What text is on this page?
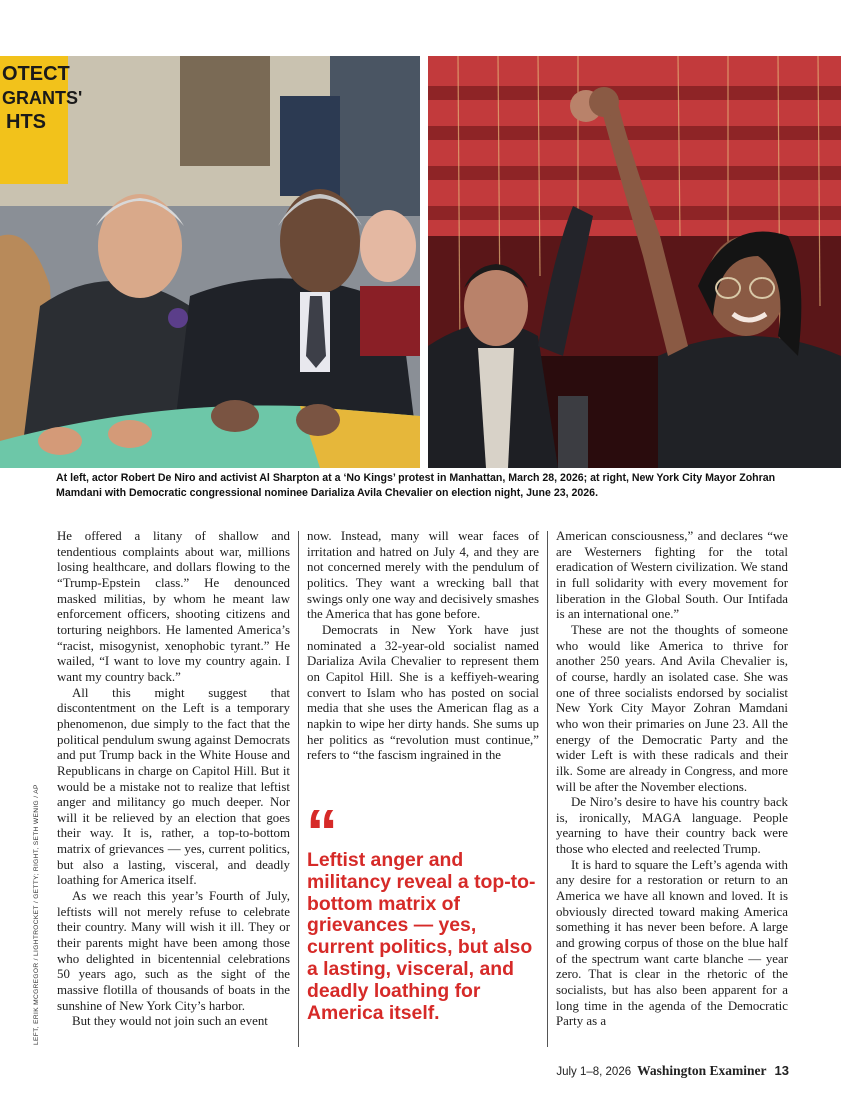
OTECT
GRANTS'
HTS
At left, actor Robert De Niro and activist Al Sharpton at a ‘No Kings’ protest in Manhattan, March 28, 2026; at right, New York City Mayor Zohran Mamdani with Democratic congressional nominee Darializa Avila Chevalier on election night, June 23, 2026.

He offered a litany of shallow and tendentious complaints about war, millions losing healthcare, and dollars flowing to the “Trump-Epstein class.” He denounced masked militias, by whom he meant law enforcement officers, shooting citizens and torturing neighbors. He lamented America’s “racist, misogynist, xenophobic tyrant.” He wailed, “I want to love my country again. I want my country back.”

All this might suggest that discontentment on the Left is a temporary phenomenon, due simply to the fact that the political pendulum swung against Democrats and put Trump back in the White House and Republicans in charge on Capitol Hill. But it would be a mistake not to realize that leftist anger and militancy go much deeper. Nor will it be relieved by an election that goes their way. It is, rather, a top-to-bottom matrix of grievances — yes, current politics, but also a lasting, visceral, and deadly loathing for America itself.

As we reach this year’s Fourth of July, leftists will not merely refuse to celebrate their country. Many will wish it ill. They or their parents might have been among those who delighted in bicentennial celebrations 50 years ago, such as the sight of the massive flotilla of thousands of boats in the sunshine of New York City’s harbor.

But they would not join such an event

now. Instead, many will wear faces of irritation and hatred on July 4, and they are not concerned merely with the pendulum of politics. They want a wrecking ball that swings only one way and decisively smashes the America that has gone before.

Democrats in New York have just nominated a 32-year-old socialist named Darializa Avila Chevalier to represent them on Capitol Hill. She is a keffiyeh-wearing convert to Islam who has posted on social media that she uses the American flag as a napkin to wipe her dirty hands. She sums up her politics as “revolution must continue,” refers to “the fascism ingrained in the

“
Leftist anger and militancy reveal a top-to-bottom matrix of grievances — yes, current politics, but also a lasting, visceral, and deadly loathing for America itself.

American consciousness,” and declares “we are Westerners fighting for the total eradication of Western civilization. We stand in full solidarity with every movement for liberation in the Global South. Our Intifada is an international one.”

These are not the thoughts of someone who would like America to thrive for another 250 years. And Avila Chevalier is, of course, hardly an isolated case. She was one of three socialists endorsed by socialist New York City Mayor Zohran Mamdani who won their primaries on June 23. All the energy of the Democratic Party and the wider Left is with these radicals and their ilk. Some are already in Congress, and more will be after the November elections.

De Niro’s desire to have his country back is, ironically, MAGA language. People yearning to have their country back were those who elected and reelected Trump.

It is hard to square the Left’s agenda with any desire for a restoration or return to an America we have all known and loved. It is obviously directed toward making America something it has never been before. A large and growing corpus of those on the blue half of the spectrum want carte blanche — year zero. That is clear in the rhetoric of the socialists, but has also been apparent for a long time in the agenda of the Democratic Party as a

LEFT, ERIK MCGREGOR / LIGHTROCKET / GETTY; RIGHT, SETH WENIG / AP
July 1–8, 2026 Washington Examiner 13
